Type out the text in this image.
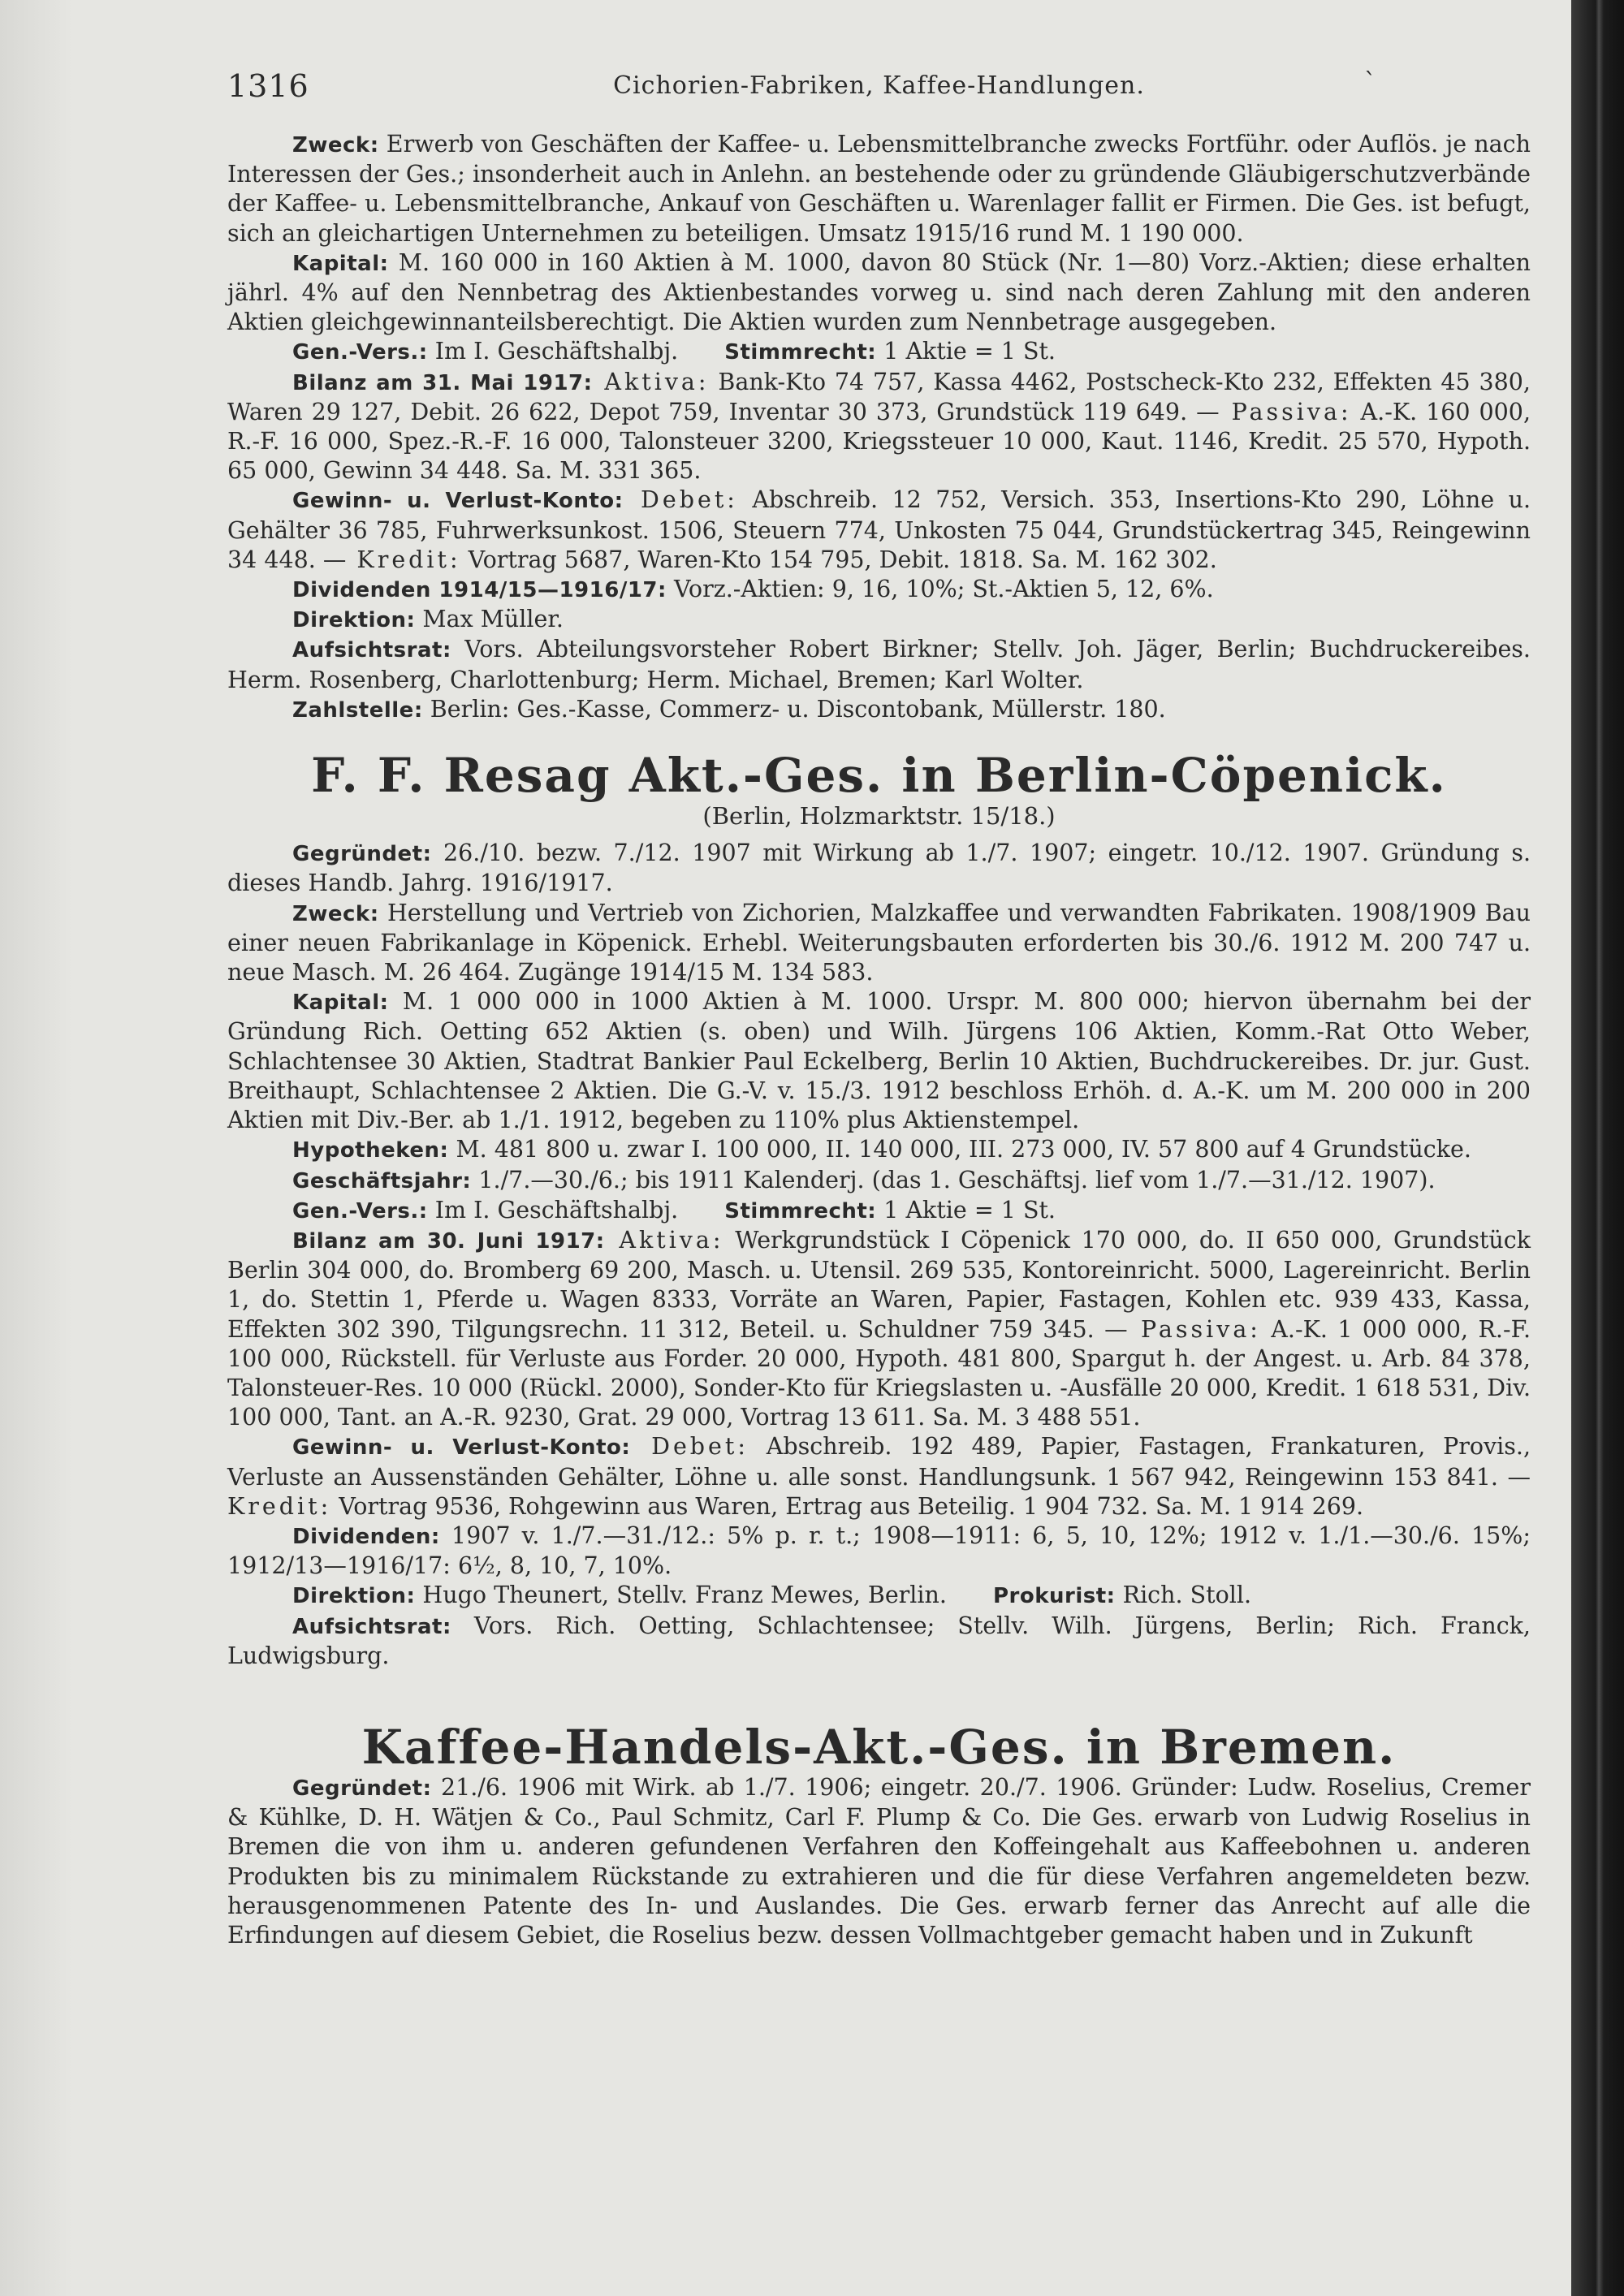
1316	Cichorien-Fabriken, Kaffee-Handlungen.	`

Zweck: Erwerb von Geschäften der Kaffee- u. Lebensmittelbranche zwecks Fortführ. oder Auflös. je nach Interessen der Ges.; insonderheit auch in Anlehn. an bestehende oder zu gründende Gläubigerschutzverbände der Kaffee- u. Lebensmittelbranche, Ankauf von Geschäften u. Warenlager fallit er Firmen. Die Ges. ist befugt, sich an gleichartigen Unternehmen zu beteiligen. Umsatz 1915/16 rund M. 1 190 000.

Kapital: M. 160 000 in 160 Aktien à M. 1000, davon 80 Stück (Nr. 1—80) Vorz.-Aktien; diese erhalten jährl. 4% auf den Nennbetrag des Aktienbestandes vorweg u. sind nach deren Zahlung mit den anderen Aktien gleichgewinnanteilsberechtigt. Die Aktien wurden zum Nennbetrage ausgegeben.

Gen.-Vers.: Im I. Geschäftshalbj.   Stimmrecht: 1 Aktie = 1 St.

Bilanz am 31. Mai 1917: Aktiva: Bank-Kto 74 757, Kassa 4462, Postscheck-Kto 232, Effekten 45 380, Waren 29 127, Debit. 26 622, Depot 759, Inventar 30 373, Grundstück 119 649. — Passiva: A.-K. 160 000, R.-F. 16 000, Spez.-R.-F. 16 000, Talonsteuer 3200, Kriegssteuer 10 000, Kaut. 1146, Kredit. 25 570, Hypoth. 65 000, Gewinn 34 448. Sa. M. 331 365.

Gewinn- u. Verlust-Konto: Debet: Abschreib. 12 752, Versich. 353, Insertions-Kto 290, Löhne u. Gehälter 36 785, Fuhrwerksunkost. 1506, Steuern 774, Unkosten 75 044, Grundstückertrag 345, Reingewinn 34 448. — Kredit: Vortrag 5687, Waren-Kto 154 795, Debit. 1818. Sa. M. 162 302.

Dividenden 1914/15—1916/17: Vorz.-Aktien: 9, 16, 10%; St.-Aktien 5, 12, 6%.

Direktion: Max Müller.

Aufsichtsrat: Vors. Abteilungsvorsteher Robert Birkner; Stellv. Joh. Jäger, Berlin; Buchdruckereibes. Herm. Rosenberg, Charlottenburg; Herm. Michael, Bremen; Karl Wolter.

Zahlstelle: Berlin: Ges.-Kasse, Commerz- u. Discontobank, Müllerstr. 180.

F. F. Resag Akt.-Ges. in Berlin-Cöpenick.

(Berlin, Holzmarktstr. 15/18.)

Gegründet: 26./10. bezw. 7./12. 1907 mit Wirkung ab 1./7. 1907; eingetr. 10./12. 1907. Gründung s. dieses Handb. Jahrg. 1916/1917.

Zweck: Herstellung und Vertrieb von Zichorien, Malzkaffee und verwandten Fabrikaten. 1908/1909 Bau einer neuen Fabrikanlage in Köpenick. Erhebl. Weiterungsbauten erforderten bis 30./6. 1912 M. 200 747 u. neue Masch. M. 26 464. Zugänge 1914/15 M. 134 583.

Kapital: M. 1 000 000 in 1000 Aktien à M. 1000. Urspr. M. 800 000; hiervon übernahm bei der Gründung Rich. Oetting 652 Aktien (s. oben) und Wilh. Jürgens 106 Aktien, Komm.-Rat Otto Weber, Schlachtensee 30 Aktien, Stadtrat Bankier Paul Eckelberg, Berlin 10 Aktien, Buchdruckereibes. Dr. jur. Gust. Breithaupt, Schlachtensee 2 Aktien. Die G.-V. v. 15./3. 1912 beschloss Erhöh. d. A.-K. um M. 200 000 in 200 Aktien mit Div.-Ber. ab 1./1. 1912, begeben zu 110% plus Aktienstempel.

Hypotheken: M. 481 800 u. zwar I. 100 000, II. 140 000, III. 273 000, IV. 57 800 auf 4 Grundstücke.

Geschäftsjahr: 1./7.—30./6.; bis 1911 Kalenderj. (das 1. Geschäftsj. lief vom 1./7.—31./12. 1907).

Gen.-Vers.: Im I. Geschäftshalbj.   Stimmrecht: 1 Aktie = 1 St.

Bilanz am 30. Juni 1917: Aktiva: Werkgrundstück I Cöpenick 170 000, do. II 650 000, Grundstück Berlin 304 000, do. Bromberg 69 200, Masch. u. Utensil. 269 535, Kontoreinricht. 5000, Lagereinricht. Berlin 1, do. Stettin 1, Pferde u. Wagen 8333, Vorräte an Waren, Papier, Fastagen, Kohlen etc. 939 433, Kassa, Effekten 302 390, Tilgungsrechn. 11 312, Beteil. u. Schuldner 759 345. — Passiva: A.-K. 1 000 000, R.-F. 100 000, Rückstell. für Verluste aus Forder. 20 000, Hypoth. 481 800, Spargut h. der Angest. u. Arb. 84 378, Talonsteuer-Res. 10 000 (Rückl. 2000), Sonder-Kto für Kriegslasten u. -Ausfälle 20 000, Kredit. 1 618 531, Div. 100 000, Tant. an A.-R. 9230, Grat. 29 000, Vortrag 13 611. Sa. M. 3 488 551.

Gewinn- u. Verlust-Konto: Debet: Abschreib. 192 489, Papier, Fastagen, Frankaturen, Provis., Verluste an Aussenständen Gehälter, Löhne u. alle sonst. Handlungsunk. 1 567 942, Reingewinn 153 841. — Kredit: Vortrag 9536, Rohgewinn aus Waren, Ertrag aus Beteilig. 1 904 732. Sa. M. 1 914 269.

Dividenden: 1907 v. 1./7.—31./12.: 5% p. r. t.; 1908—1911: 6, 5, 10, 12%; 1912 v. 1./1.—30./6. 15%; 1912/13—1916/17: 6½, 8, 10, 7, 10%.

Direktion: Hugo Theunert, Stellv. Franz Mewes, Berlin.   Prokurist: Rich. Stoll.

Aufsichtsrat: Vors. Rich. Oetting, Schlachtensee; Stellv. Wilh. Jürgens, Berlin; Rich. Franck, Ludwigsburg.

Kaffee-Handels-Akt.-Ges. in Bremen.

Gegründet: 21./6. 1906 mit Wirk. ab 1./7. 1906; eingetr. 20./7. 1906. Gründer: Ludw. Roselius, Cremer & Kühlke, D. H. Wätjen & Co., Paul Schmitz, Carl F. Plump & Co. Die Ges. erwarb von Ludwig Roselius in Bremen die von ihm u. anderen gefundenen Verfahren den Koffeingehalt aus Kaffeebohnen u. anderen Produkten bis zu minimalem Rückstande zu extrahieren und die für diese Verfahren angemeldeten bezw. herausgenommenen Patente des In- und Auslandes. Die Ges. erwarb ferner das Anrecht auf alle die Erfindungen auf diesem Gebiet, die Roselius bezw. dessen Vollmachtgeber gemacht haben und in Zukunft
